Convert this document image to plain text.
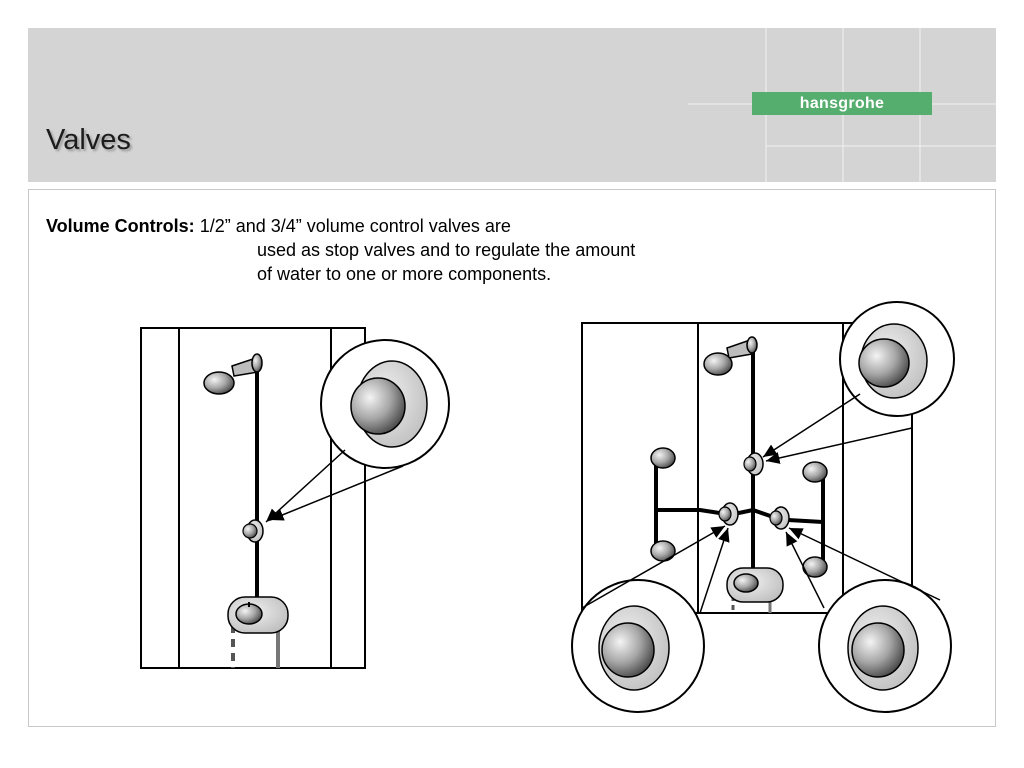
hansgrohe
Valves
Volume Controls: 1/2” and 3/4” volume control valves are
used as stop valves and to regulate the amount
of water to one or more components.
